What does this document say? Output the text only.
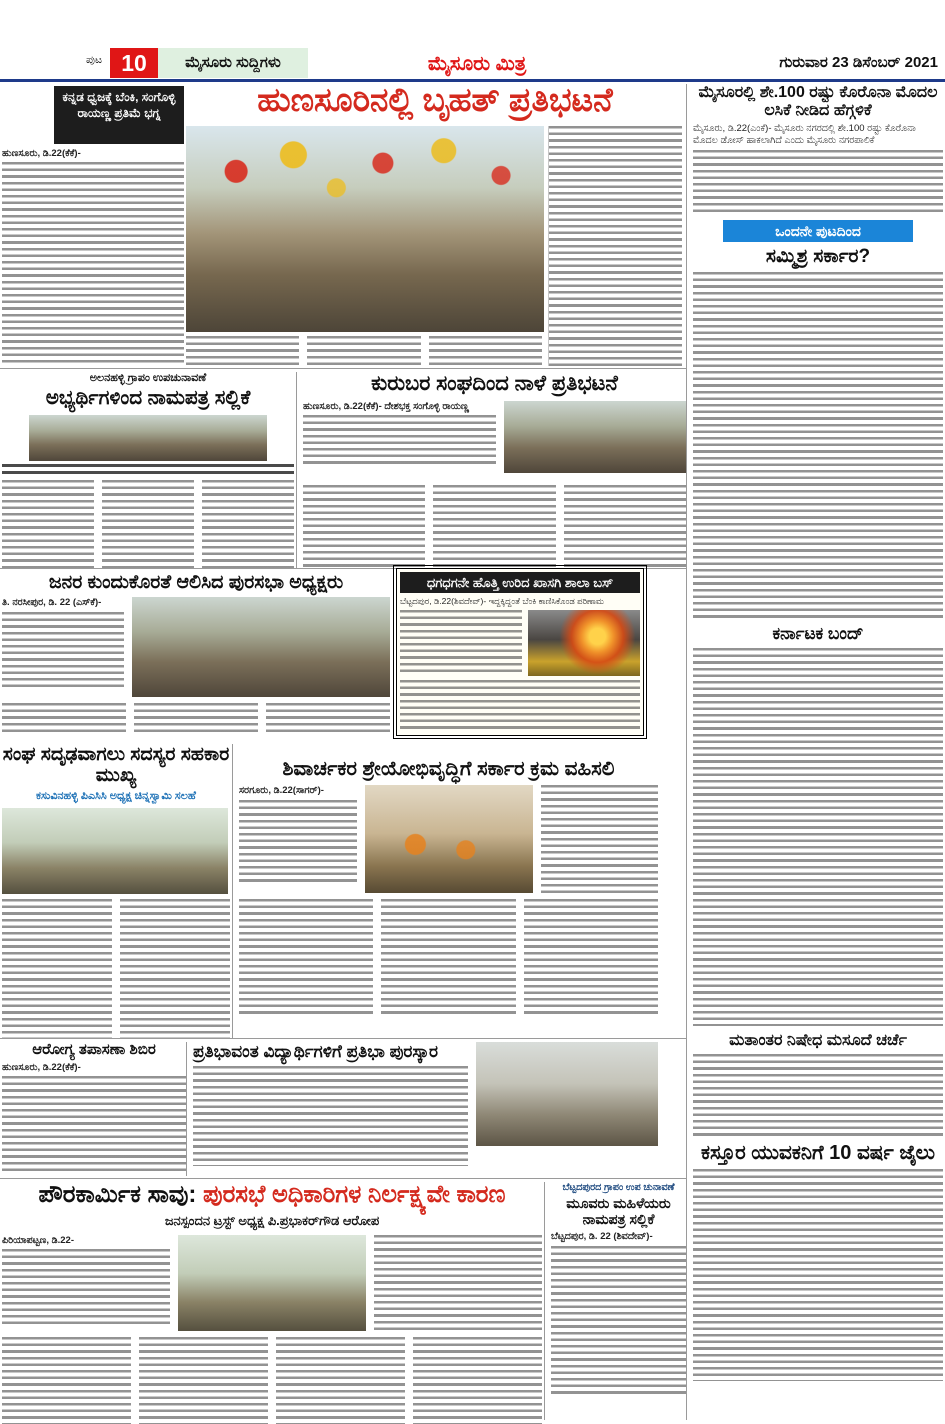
ಪುಟ 10	ಮೈಸೂರು ಸುದ್ದಿಗಳು	ಮೈಸೂರು ಮಿತ್ರ	ಗುರುವಾರ 23 ಡಿಸೆಂಬರ್ 2021
ಕನ್ನಡ ಧ್ವಜಕ್ಕೆ ಬೆಂಕಿ, ಸಂಗೊಳ್ಳಿ ರಾಯಣ್ಣ ಪ್ರತಿಮೆ ಭಗ್ನ
ಹುಣಸೂರು, ಡಿ.22(ಕೆಕೆ)-
ಹುಣಸೂರಿನಲ್ಲಿ ಬೃಹತ್ ಪ್ರತಿಭಟನೆ	ಮೈಸೂರಲ್ಲಿ ಶೇ.100 ರಷ್ಟು ಕೊರೊನಾ ಮೊದಲ ಲಸಿಕೆ ನೀಡಿದ ಹೆಗ್ಗಳಿಕೆ
ಮೈಸೂರು, ಡಿ.22(ಎಂಕೆ)- ಮೈಸೂರು ನಗರದಲ್ಲಿ ಶೇ.100 ರಷ್ಟು ಕೊರೊನಾ ಮೊದಲ ಡೋಸ್ ಹಾಕಲಾಗಿದೆ ಎಂದು ಮೈಸೂರು ನಗರಪಾಲಿಕೆ
ಒಂದನೇ ಪುಟದಿಂದ
ಸಮ್ಮಿಶ್ರ ಸರ್ಕಾರ?
ಕರ್ನಾಟಕ ಬಂದ್
ಮತಾಂತರ ನಿಷೇಧ ಮಸೂದೆ ಚರ್ಚೆ
ಕಸ್ತೂರ ಯುವಕನಿಗೆ 10 ವರ್ಷ ಜೈಲು
ಅಲನಹಳ್ಳಿ ಗ್ರಾಪಂ ಉಪಚುನಾವಣೆ
ಅಭ್ಯರ್ಥಿಗಳಿಂದ ನಾಮಪತ್ರ ಸಲ್ಲಿಕೆ
ಕುರುಬರ ಸಂಘದಿಂದ ನಾಳೆ ಪ್ರತಿಭಟನೆ
ಹುಣಸೂರು, ಡಿ.22(ಕೆಕೆ)- ದೇಶಭಕ್ತ ಸಂಗೊಳ್ಳಿ ರಾಯಣ್ಣ
ಜನರ ಕುಂದುಕೊರತೆ ಆಲಿಸಿದ ಪುರಸಭಾ ಅಧ್ಯಕ್ಷರು
ತಿ. ನರಸೀಪುರ, ಡಿ. 22 (ಎಸ್‌ಕೆ)-
ಧಗಧಗನೇ ಹೊತ್ತಿ ಉರಿದ ಖಾಸಗಿ ಶಾಲಾ ಬಸ್
ಬೆಟ್ಟದಪುರ, ಡಿ.22(ಶಿವದೇವ್)- ಇದ್ದಕ್ಕಿದ್ದಂತೆ ಬೆಂಕಿ ಕಾಣಿಸಿಕೊಂಡ ಪರಿಣಾಮ
ಸಂಘ ಸದೃಢವಾಗಲು ಸದಸ್ಯರ ಸಹಕಾರ ಮುಖ್ಯ
ಕಸುವಿನಹಳ್ಳಿ ಪಿಎಸಿಸಿ ಅಧ್ಯಕ್ಷ ಚಿನ್ನಸ್ವಾಮಿ ಸಲಹೆ
ಶಿವಾರ್ಚಕರ ಶ್ರೇಯೋಭಿವೃದ್ಧಿಗೆ ಸರ್ಕಾರ ಕ್ರಮ ವಹಿಸಲಿ
ಸರಗೂರು, ಡಿ.22(ಸಾಗರ್)-
ಆರೋಗ್ಯ ತಪಾಸಣಾ ಶಿಬಿರ
ಹುಣಸೂರು, ಡಿ.22(ಕೆಕೆ)-
ಪ್ರತಿಭಾವಂತ ವಿದ್ಯಾರ್ಥಿಗಳಿಗೆ ಪ್ರತಿಭಾ ಪುರಸ್ಕಾರ
ಪೌರಕಾರ್ಮಿಕ ಸಾವು: ಪುರಸಭೆ ಅಧಿಕಾರಿಗಳ ನಿರ್ಲಕ್ಷ್ಯವೇ ಕಾರಣ
ಜನಸ್ಪಂದನ ಟ್ರಸ್ಟ್ ಅಧ್ಯಕ್ಷ ಪಿ.ಪ್ರಭಾಕರ್‌ಗೌಡ ಆರೋಪ
ಪಿರಿಯಾಪಟ್ಟಣ, ಡಿ.22-
ಬೆಟ್ಟದಪುರದ ಗ್ರಾಪಂ ಉಪ ಚುನಾವಣೆ
ಮೂವರು ಮಹಿಳೆಯರು ನಾಮಪತ್ರ ಸಲ್ಲಿಕೆ
ಬೆಟ್ಟದಪುರ, ಡಿ. 22 (ಶಿವದೇವ್)-
